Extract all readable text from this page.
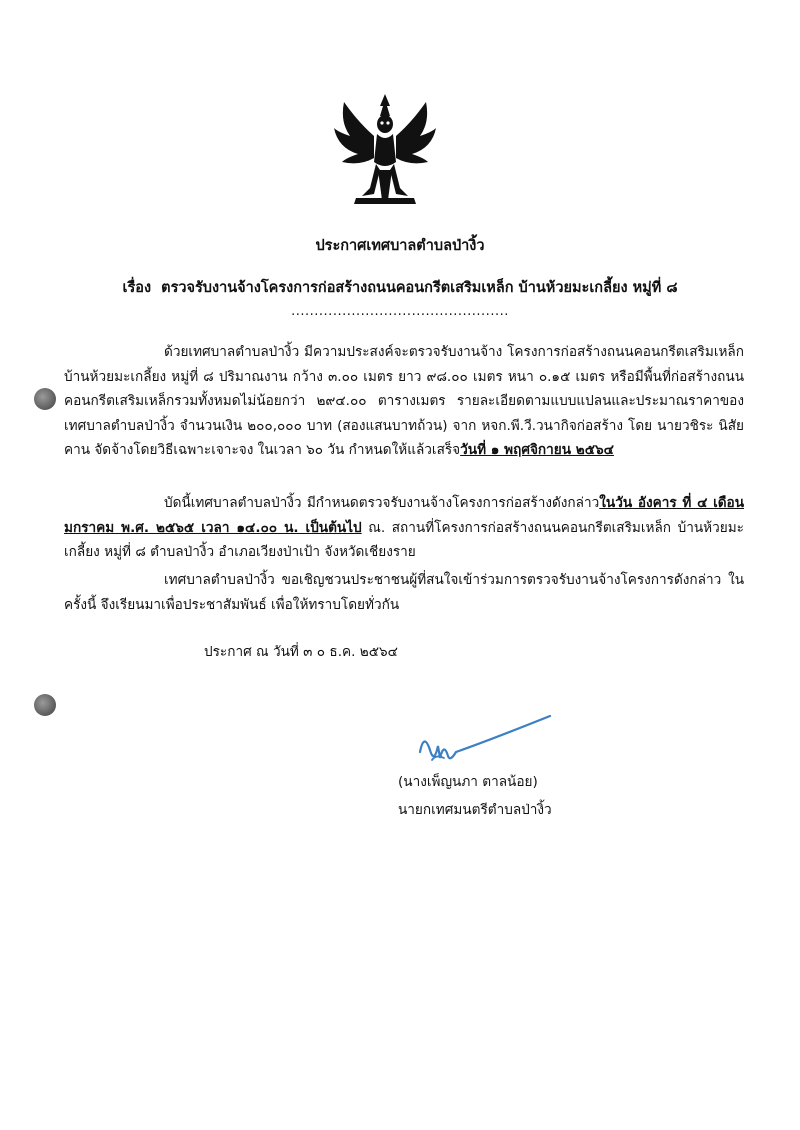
ประกาศเทศบาลตำบลป่างิ้ว
เรื่อง ตรวจรับงานจ้างโครงการก่อสร้างถนนคอนกรีตเสริมเหล็ก บ้านห้วยมะเกลี้ยง หมู่ที่ ๘
...............................................
ด้วยเทศบาลตำบลป่างิ้ว มีความประสงค์จะตรวจรับงานจ้าง โครงการก่อสร้างถนนคอนกรีตเสริมเหล็ก บ้านห้วยมะเกลี้ยง หมู่ที่ ๘ ปริมาณงาน กว้าง ๓.๐๐ เมตร ยาว ๙๘.๐๐ เมตร หนา ๐.๑๕ เมตร หรือมีพื้นที่ก่อสร้างถนนคอนกรีตเสริมเหล็กรวมทั้งหมดไม่น้อยกว่า ๒๙๔.๐๐ ตารางเมตร รายละเอียดตามแบบแปลนและประมาณราคาของเทศบาลตำบลป่างิ้ว จำนวนเงิน ๒๐๐,๐๐๐ บาท (สองแสนบาทถ้วน) จาก หจก.พี.วี.วนากิจก่อสร้าง โดย นายวชิระ นิสัยคาน จัดจ้างโดยวิธีเฉพาะเจาะจง ในเวลา ๖๐ วัน กำหนดให้แล้วเสร็จวันที่ ๑ พฤศจิกายน ๒๕๖๔
บัดนี้เทศบาลตำบลป่างิ้ว มีกำหนดตรวจรับงานจ้างโครงการก่อสร้างดังกล่าวในวัน อังคาร ที่ ๔ เดือน มกราคม พ.ศ. ๒๕๖๕ เวลา ๑๔.๐๐ น. เป็นต้นไป ณ. สถานที่โครงการก่อสร้างถนนคอนกรีตเสริมเหล็ก บ้านห้วยมะเกลี้ยง หมู่ที่ ๘ ตำบลป่างิ้ว อำเภอเวียงป่าเป้า จังหวัดเชียงราย
เทศบาลตำบลป่างิ้ว ขอเชิญชวนประชาชนผู้ที่สนใจเข้าร่วมการตรวจรับงานจ้างโครงการดังกล่าว ในครั้งนี้ จึงเรียนมาเพื่อประชาสัมพันธ์ เพื่อให้ทราบโดยทั่วกัน
ประกาศ ณ วันที่ ๓ ๐ ธ.ค. ๒๕๖๔
(นางเพ็ญนภา ตาลน้อย)
นายกเทศมนตรีตำบลป่างิ้ว
